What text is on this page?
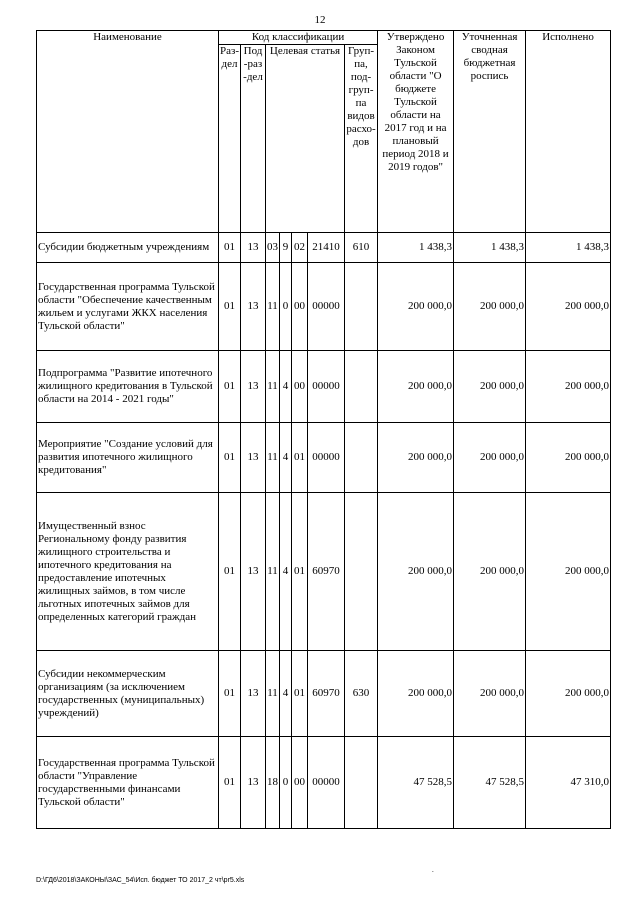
12
Наименование	Код классификации							Утверждено Законом Тульской области "О бюджете Тульской области на 2017 год и на плановый период 2018 и 2019 годов"	Уточненная сводная бюджетная роспись	Исполнено
	Раз-дел	Под-раз-дел	Целевая статья				Груп-па, под-груп-па видов расхо-дов			
Субсидии бюджетным учреждениям	01	13	03	9	02	21410	610	1 438,3	1 438,3	1 438,3
Государственная программа Тульской области "Обеспечение качественным жильем и услугами ЖКХ населения Тульской области"	01	13	11	0	00	00000		200 000,0	200 000,0	200 000,0
Подпрограмма "Развитие ипотечного жилищного кредитования в Тульской области на 2014 - 2021 годы"	01	13	11	4	00	00000		200 000,0	200 000,0	200 000,0
Мероприятие "Создание условий для развития ипотечного жилищного кредитования"	01	13	11	4	01	00000		200 000,0	200 000,0	200 000,0
Имущественный взнос Региональному фонду развития жилищного строительства и ипотечного кредитования на предоставление ипотечных жилищных займов, в том числе льготных ипотечных займов для определенных категорий граждан	01	13	11	4	01	60970		200 000,0	200 000,0	200 000,0
Субсидии некоммерческим организациям (за исключением государственных (муниципальных) учреждений)	01	13	11	4	01	60970	630	200 000,0	200 000,0	200 000,0
Государственная программа Тульской области "Управление государственными финансами Тульской области"	01	13	18	0	00	00000		47 528,5	47 528,5	47 310,0
.
D:\ГД6\2018\ЗАКОНЫ\ЗАС_54\Исп. бюджет ТО 2017_2 чт\pr5.xls
